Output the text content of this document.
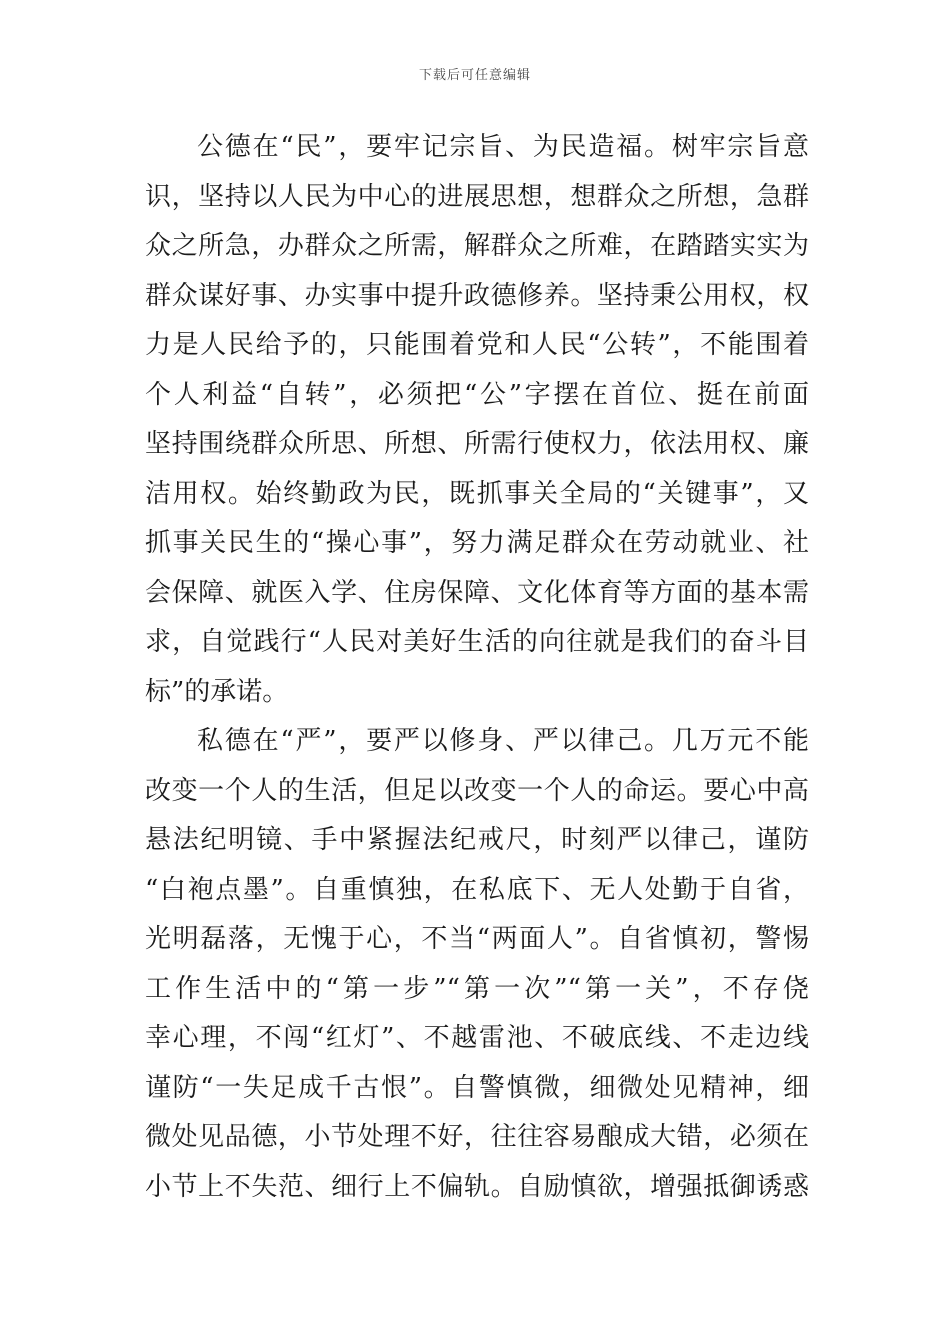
下载后可任意编辑
公德在“民”，要牢记宗旨、为民造福。树牢宗旨意
识，坚持以人民为中心的进展思想，想群众之所想，急群
众之所急，办群众之所需，解群众之所难，在踏踏实实为
群众谋好事、办实事中提升政德修养。坚持秉公用权，权
力是人民给予的，只能围着党和人民“公转”，不能围着
个人利益“自转”，必须把“公”字摆在首位、挺在前面
坚持围绕群众所思、所想、所需行使权力，依法用权、廉
洁用权。始终勤政为民，既抓事关全局的“关键事”，又
抓事关民生的“操心事”，努力满足群众在劳动就业、社
会保障、就医入学、住房保障、文化体育等方面的基本需
求，自觉践行“人民对美好生活的向往就是我们的奋斗目
标”的承诺。
私德在“严”，要严以修身、严以律己。几万元不能
改变一个人的生活，但足以改变一个人的命运。要心中高
悬法纪明镜、手中紧握法纪戒尺，时刻严以律己，谨防
“白袍点墨”。自重慎独，在私底下、无人处勤于自省，
光明磊落，无愧于心，不当“两面人”。自省慎初，警惕
工作生活中的“第一步”“第一次”“第一关”，不存侥
幸心理，不闯“红灯”、不越雷池、不破底线、不走边线
谨防“一失足成千古恨”。自警慎微，细微处见精神，细
微处见品德，小节处理不好，往往容易酿成大错，必须在
小节上不失范、细行上不偏轨。自励慎欲，增强抵御诱惑
